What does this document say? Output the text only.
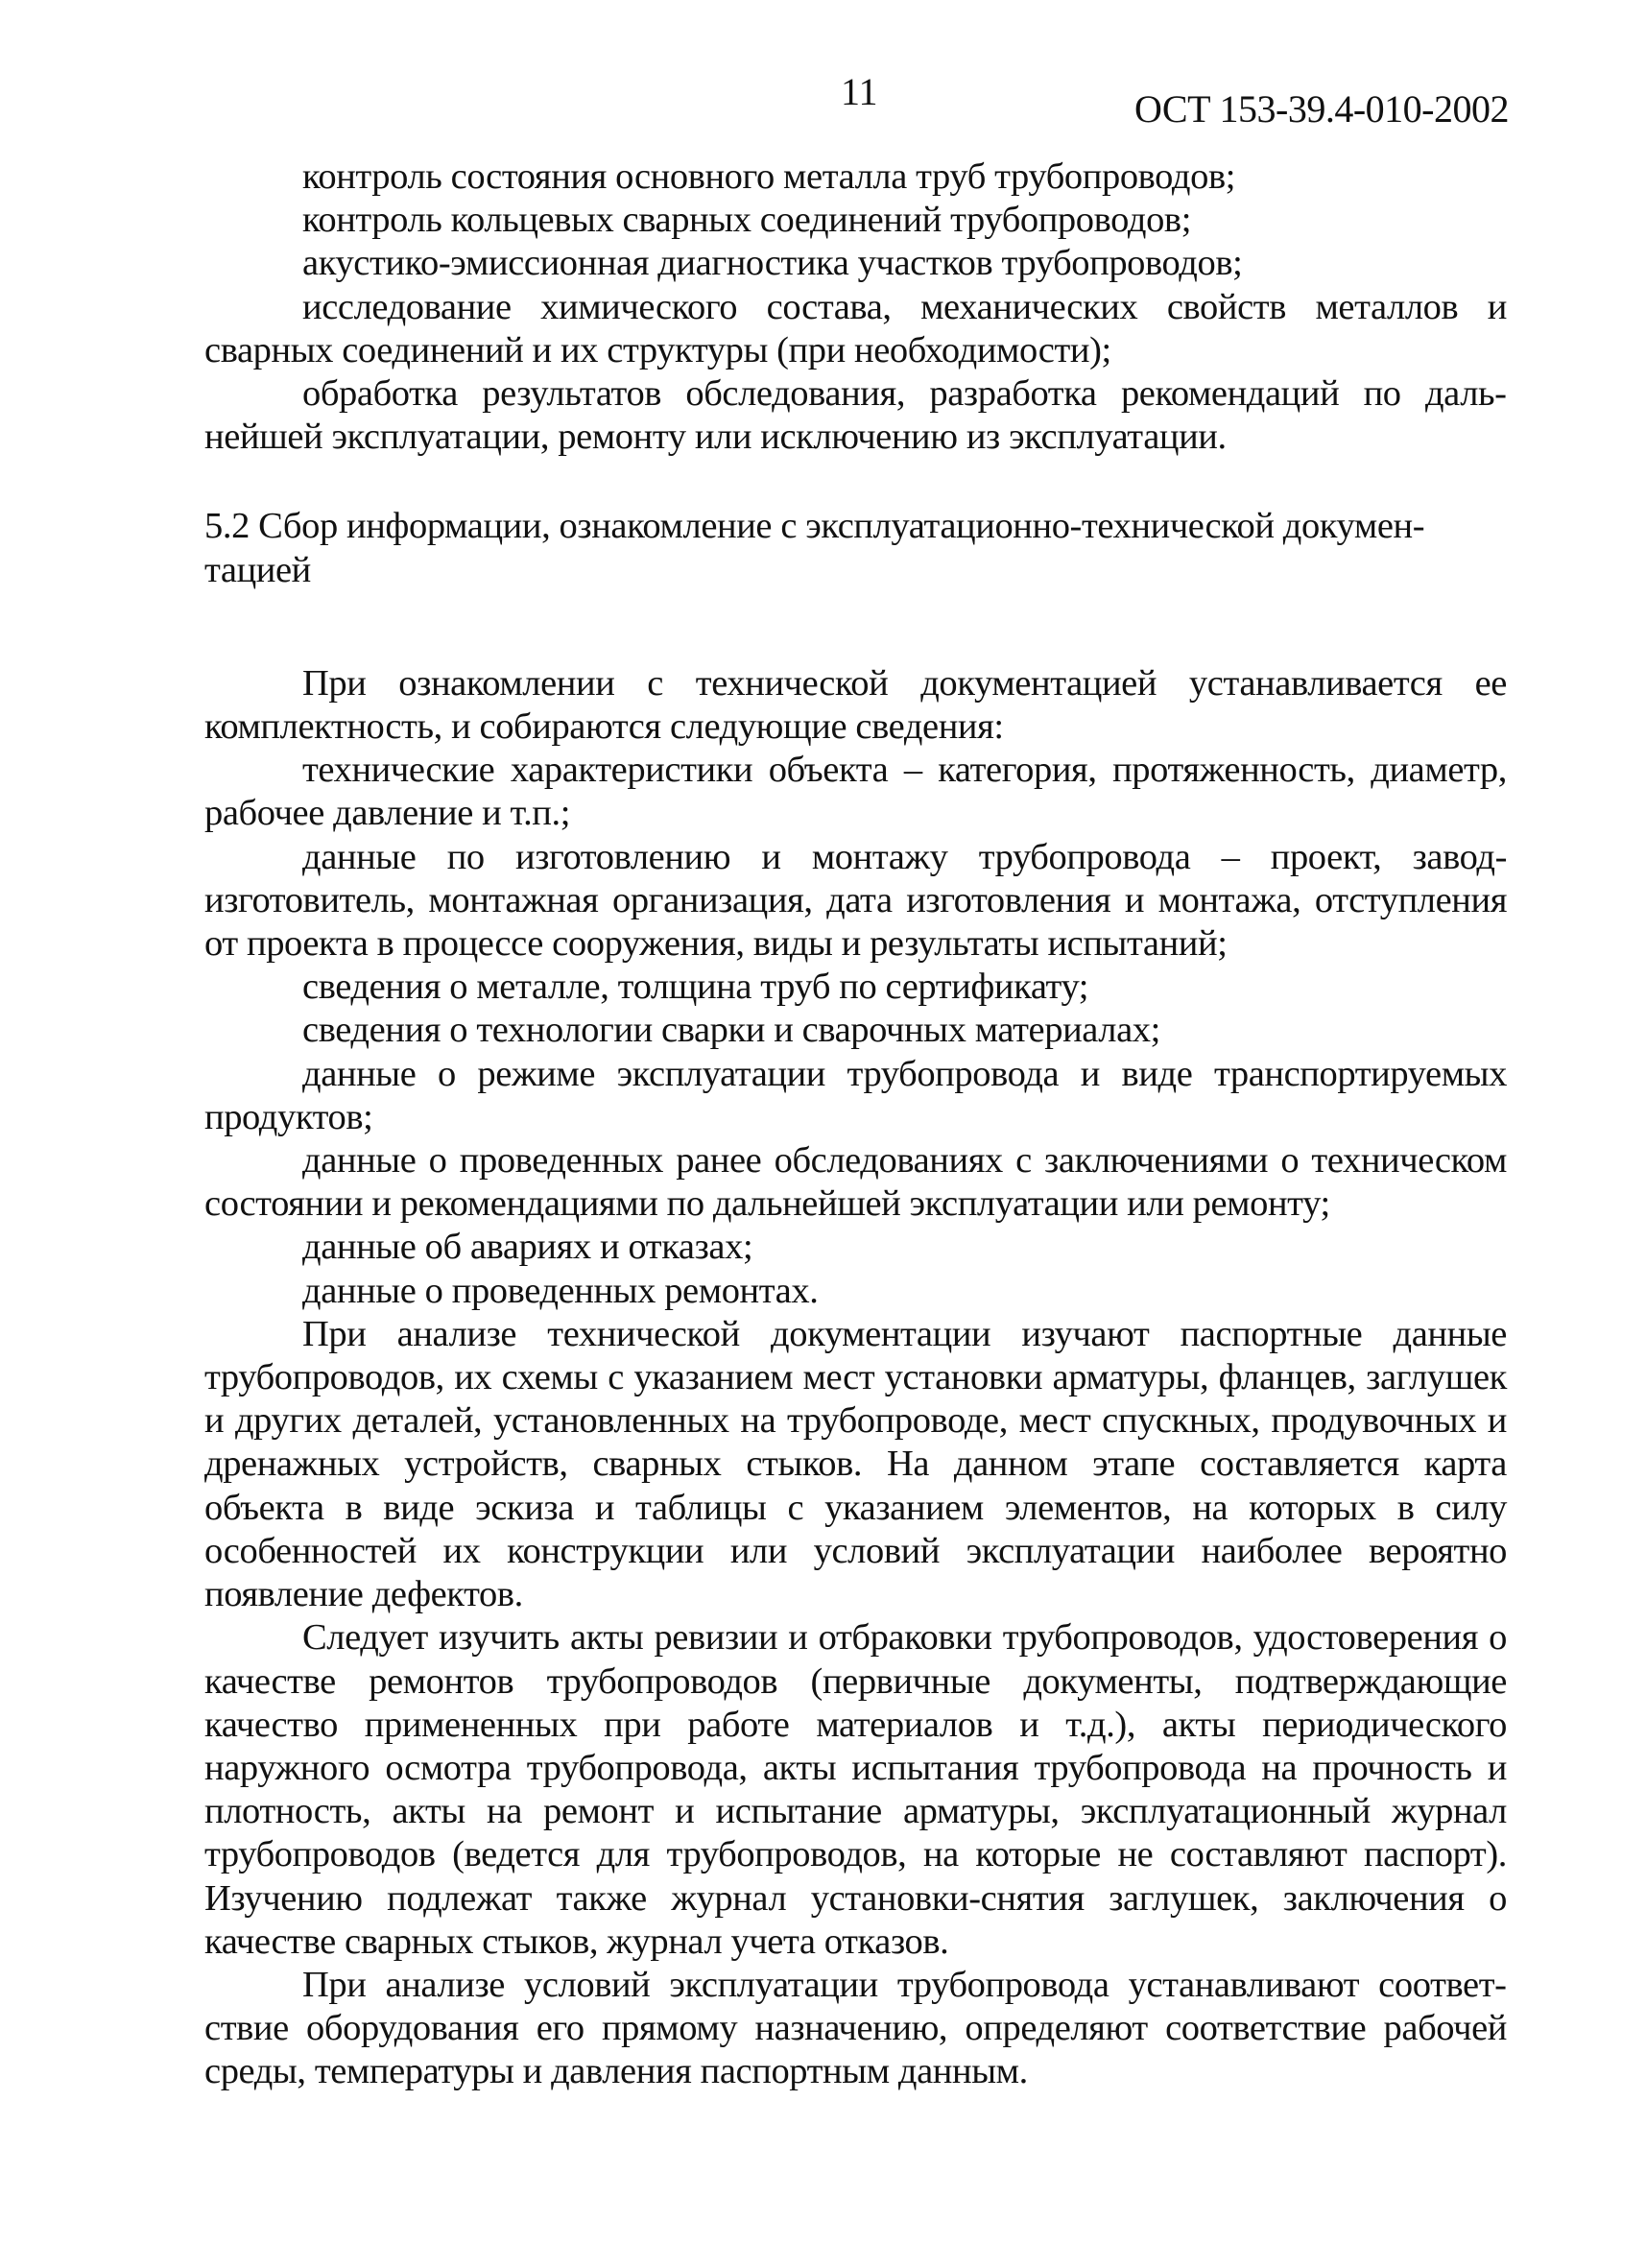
11	ОСТ 153-39.4-010-2002

контроль состояния основного металла труб трубопроводов;

контроль кольцевых сварных соединений трубопроводов;

акустико-эмиссионная диагностика участков трубопроводов;

исследование химического состава, механических свойств металлов и сварных соединений и их структуры (при необходимости);

обработка результатов обследования, разработка рекомендаций по дальнейшей эксплуатации, ремонту или исключению из эксплуатации.

5.2 Сбор информации, ознакомление с эксплуатационно-технической документацией

При ознакомлении с технической документацией устанавливается ее комплектность, и собираются следующие сведения:

технические характеристики объекта – категория, протяженность, диаметр, рабочее давление и т.п.;

данные по изготовлению и монтажу трубопровода – проект, завод-изготовитель, монтажная организация, дата изготовления и монтажа, отступления от проекта в процессе сооружения, виды и результаты испытаний;

сведения о металле, толщина труб по сертификату;

сведения о технологии сварки и сварочных материалах;

данные о режиме эксплуатации трубопровода и виде транспортируемых продуктов;

данные о проведенных ранее обследованиях с заключениями о техническом состоянии и рекомендациями по дальнейшей эксплуатации или ремонту;

данные об авариях и отказах;

данные о проведенных ремонтах.

При анализе технической документации изучают паспортные данные трубопроводов, их схемы с указанием мест установки арматуры, фланцев, заглушек и других деталей, установленных на трубопроводе, мест спускных, продувочных и дренажных устройств, сварных стыков. На данном этапе составляется карта объекта в виде эскиза и таблицы с указанием элементов, на которых в силу особенностей их конструкции или условий эксплуатации наиболее вероятно появление дефектов.

Следует изучить акты ревизии и отбраковки трубопроводов, удостоверения о качестве ремонтов трубопроводов (первичные документы, подтверждающие качество примененных при работе материалов и т.д.), акты периодического наружного осмотра трубопровода, акты испытания трубопровода на прочность и плотность, акты на ремонт и испытание арматуры, эксплуатационный журнал трубопроводов (ведется для трубопроводов, на которые не составляют паспорт). Изучению подлежат также журнал установки-снятия заглушек, заключения о качестве сварных стыков, журнал учета отказов.

При анализе условий эксплуатации трубопровода устанавливают соответствие оборудования его прямому назначению, определяют соответствие рабочей среды, температуры и давления паспортным данным.
